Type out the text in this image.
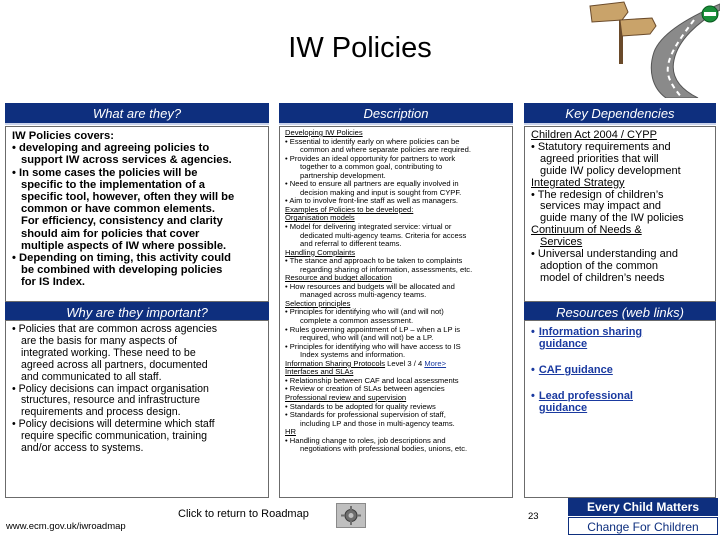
IW Policies
What are they?
IW Policies covers:
• developing and agreeing policies to
support IW across services & agencies.
• In some cases the policies will be
specific to the implementation of a
specific tool, however, often they will be
common or have common elements.
For efficiency, consistency and clarity
should aim for policies that cover
multiple aspects of IW where possible.
• Depending on timing, this activity could
be combined with developing policies
for IS Index.
Why are they important?
• Policies that are common across agencies
are the basis for many aspects of
integrated working. These need to be
agreed across all partners, documented
and communicated to all staff.
• Policy decisions can impact organisation
structures, resource and infrastructure
requirements and process design.
• Policy decisions will determine which staff
require specific communication, training
and/or access to systems.
Description
Developing IW Policies
• Essential to identify early on where policies can be
common and where separate policies are required.
• Provides an ideal opportunity for partners to work
together to a common goal, contributing to
partnership development.
• Need to ensure all partners are equally involved in
decision making and input is sought from CYPF.
• Aim to involve front-line staff as well as managers.
Examples of Policies to be developed:
Organisation models
• Model for delivering integrated service: virtual or
dedicated multi-agency teams. Criteria for access
and referral to different teams.
Handling Complaints
• The stance and approach to be taken to complaints
regarding sharing of information, assessments, etc.
Resource and budget allocation
• How resources and budgets will be allocated and
managed across multi-agency teams.
Selection principles
• Principles for identifying who will (and will not)
complete a common assessment.
• Rules governing appointment of LP – when a LP is
required, who will (and will not) be a LP.
• Principles for identifying who will have access to IS
Index systems and information.
Information Sharing Protocols Level 3 / 4 More>
Interfaces and SLAs
• Relationship between CAF and local assessments
• Review or creation of SLAs between agencies
Professional review and supervision
• Standards to be adopted for quality reviews
• Standards for professional supervision of staff,
including LP and those in multi-agency teams.
HR
• Handling change to roles, job descriptions and
negotiations with professional bodies, unions, etc.
Key Dependencies
Children Act 2004 / CYPP
• Statutory requirements and
agreed priorities that will
guide IW policy development
Integrated Strategy
• The redesign of children’s
services may impact and
guide many of the IW policies
Continuum of Needs &
Services
• Universal understanding and
adoption of the common
model of children’s needs
Resources (web links)
• Information sharing
guidance
• CAF guidance
• Lead professional
guidance
www.ecm.gov.uk/iwroadmap
Click to return to Roadmap	23
Every Child Matters
Change For Children
